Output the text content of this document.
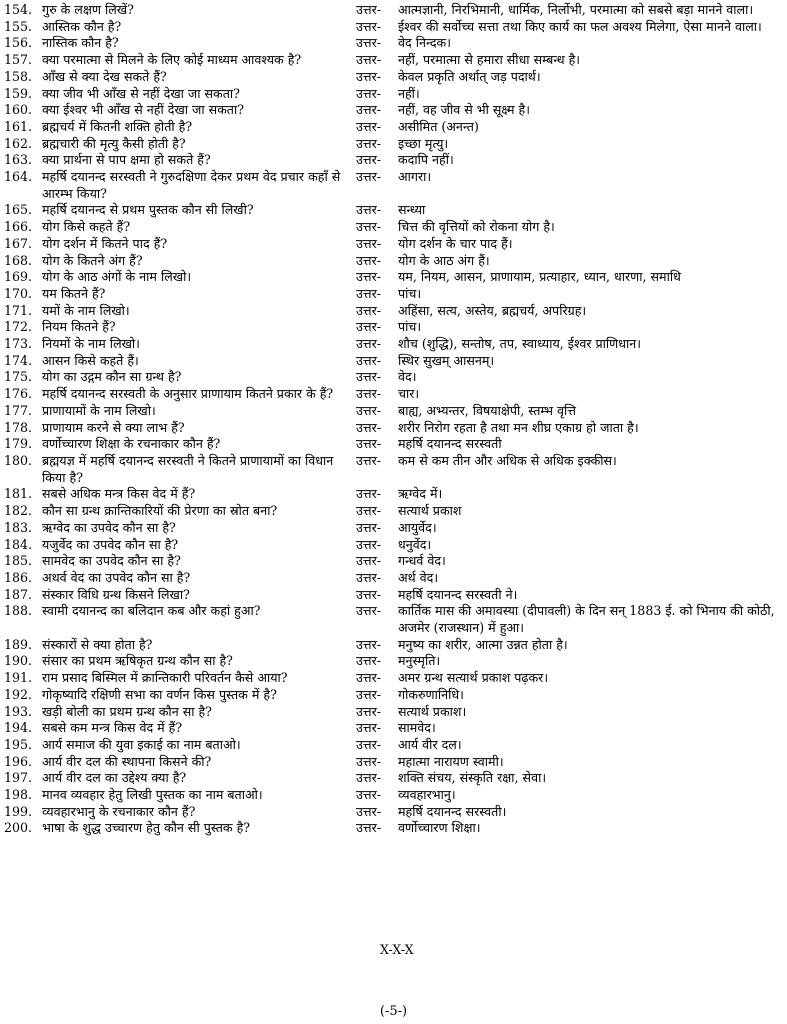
154. गुरु के लक्षण लिखें?	उत्तर-	आत्मज्ञानी, निरभिमानी, धार्मिक, निर्लोभी, परमात्मा को सबसे बड़ा मानने वाला।
155. आस्तिक कौन है?	उत्तर-	ईश्वर की सर्वोच्च सत्ता तथा किए कार्य का फल अवश्य मिलेगा, ऐसा मानने वाला।
156. नास्तिक कौन है?	उत्तर-	वेद निन्दक।
157. क्या परमात्मा से मिलने के लिए कोई माध्यम आवश्यक है?	उत्तर-	नहीं, परमात्मा से हमारा सीधा सम्बन्ध है।
158. आँख से क्या देख सकते हैं?	उत्तर-	केवल प्रकृति अर्थात् जड़ पदार्थ।
159. क्या जीव भी आँख से नहीं देखा जा सकता?	उत्तर-	नहीं।
160. क्या ईश्वर भी आँख से नहीं देखा जा सकता?	उत्तर-	नहीं, वह जीव से भी सूक्ष्म है।
161. ब्रह्मचर्य में कितनी शक्ति होती है?	उत्तर-	असीमित (अनन्त)
162. ब्रह्मचारी की मृत्यु कैसी होती है?	उत्तर-	इच्छा मृत्यु।
163. क्या प्रार्थना से पाप क्षमा हो सकते हैं?	उत्तर-	कदापि नहीं।
164. महर्षि दयानन्द सरस्वती ने गुरुदक्षिणा देकर प्रथम वेद प्रचार कहाँ से आरम्भ किया?
उत्तर-	आगरा।
165. महर्षि दयानन्द से प्रथम पुस्तक कौन सी लिखी?	उत्तर-	सन्ध्या
166. योग किसे कहते हैं?	उत्तर-	चित्त की वृत्तियों को रोकना योग है।
167. योग दर्शन में कितने पाद हैं?	उत्तर-	योग दर्शन के चार पाद हैं।
168. योग के कितने अंग हैं?	उत्तर-	योग के आठ अंग हैं।
169. योग के आठ अंगों के नाम लिखो।	उत्तर-	यम, नियम, आसन, प्राणायाम, प्रत्याहार, ध्यान, धारणा, समाधि
170. यम कितने हैं?	उत्तर-	पांच।
171. यमों के नाम लिखो।	उत्तर-	अहिंसा, सत्य, अस्तेय, ब्रह्मचर्य, अपरिग्रह।
172. नियम कितने हैं?	उत्तर-	पांच।
173. नियमों के नाम लिखो।	उत्तर-	शौच (शुद्धि), सन्तोष, तप, स्वाध्याय, ईश्वर प्राणिधान।
174. आसन किसे कहते हैं।	उत्तर-	स्थिर सुखम् आसनम्।
175. योग का उद्गम कौन सा ग्रन्थ है?	उत्तर-	वेद।
176. महर्षि दयानन्द सरस्वती के अनुसार प्राणायाम कितने प्रकार के हैं?	उत्तर-	चार।
177. प्राणायामों के नाम लिखो।	उत्तर-	बाह्य, अभ्यन्तर, विषयाक्षेपी, स्तम्भ वृत्ति
178. प्राणायाम करने से क्या लाभ हैं?	उत्तर-	शरीर निरोग रहता है तथा मन शीघ्र एकाग्र हो जाता है।
179. वर्णोच्चारण शिक्षा के रचनाकार कौन हैं?	उत्तर-	महर्षि दयानन्द सरस्वती
180. ब्रह्मयज्ञ में महर्षि दयानन्द सरस्वती ने कितने प्राणायामों का विधान किया है?
उत्तर-	कम से कम तीन और अधिक से अधिक इक्कीस।
181. सबसे अधिक मन्त्र किस वेद में हैं?	उत्तर-	ऋग्वेद में।
182. कौन सा ग्रन्थ क्रान्तिकारियों की प्रेरणा का स्रोत बना?	उत्तर-	सत्यार्थ प्रकाश
183. ऋग्वेद का उपवेद कौन सा है?	उत्तर-	आयुर्वेद।
184. यजुर्वेद का उपवेद कौन सा है?	उत्तर-	धनुर्वेद।
185. सामवेद का उपवेद कौन सा है?	उत्तर-	गन्धर्व वेद।
186. अथर्व वेद का उपवेद कौन सा है?	उत्तर-	अर्थ वेद।
187. संस्कार विधि ग्रन्थ किसने लिखा?	उत्तर-	महर्षि दयानन्द सरस्वती ने।
188. स्वामी दयानन्द का बलिदान कब और कहां हुआ?	उत्तर-	कार्तिक मास की अमावस्या (दीपावली) के दिन सन् 1883 ई. को भिनाय की कोठी, अजमेर (राजस्थान) में हुआ।
189. संस्कारों से क्या होता है?	उत्तर-	मनुष्य का शरीर, आत्मा उन्नत होता है।
190. संसार का प्रथम ऋषिकृत ग्रन्थ कौन सा है?	उत्तर-	मनुस्मृति।
191. राम प्रसाद बिस्मिल में क्रान्तिकारी परिवर्तन कैसे आया?	उत्तर-	अमर ग्रन्थ सत्यार्थ प्रकाश पढ़कर।
192. गोकृष्यादि रक्षिणी सभा का वर्णन किस पुस्तक में है?	उत्तर-	गोकरुणानिधि।
193. खड़ी बोली का प्रथम ग्रन्थ कौन सा है?	उत्तर-	सत्यार्थ प्रकाश।
194. सबसे कम मन्त्र किस वेद में हैं?	उत्तर-	सामवेद।
195. आर्य समाज की युवा इकाई का नाम बताओ।	उत्तर-	आर्य वीर दल।
196. आर्य वीर दल की स्थापना किसने की?	उत्तर-	महात्मा नारायण स्वामी।
197. आर्य वीर दल का उद्देश्य क्या है?	उत्तर-	शक्ति संचय, संस्कृति रक्षा, सेवा।
198. मानव व्यवहार हेतु लिखी पुस्तक का नाम बताओ।	उत्तर-	व्यवहारभानु।
199. व्यवहारभानु के रचनाकार कौन हैं?	उत्तर-	महर्षि दयानन्द सरस्वती।
200. भाषा के शुद्ध उच्चारण हेतु कौन सी पुस्तक है?	उत्तर-	वर्णोच्चारण शिक्षा।
X-X-X
(-5-)
